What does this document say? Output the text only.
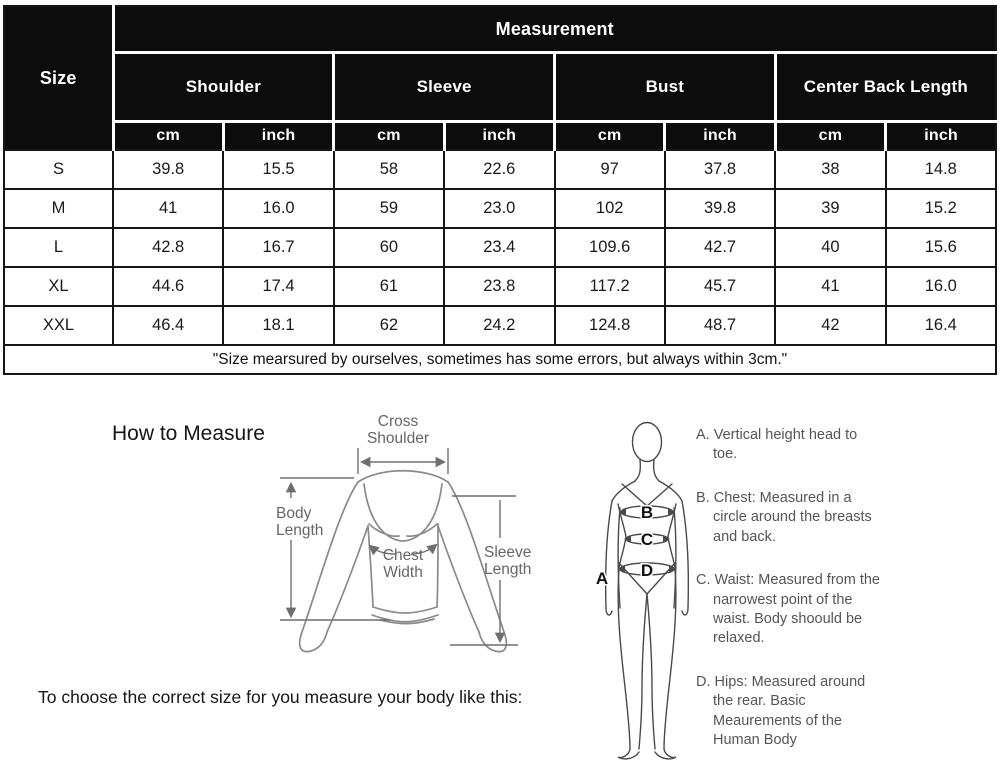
Size	Measurement							
	Shoulder		Sleeve		Bust		Center Back Length	
	cm	inch	cm	inch	cm	inch	cm	inch
S	39.8	15.5	58	22.6	97	37.8	38	14.8
M	41	16.0	59	23.0	102	39.8	39	15.2
L	42.8	16.7	60	23.4	109.6	42.7	40	15.6
XL	44.6	17.4	61	23.8	117.2	45.7	41	16.0
XXL	46.4	18.1	62	24.2	124.8	48.7	42	16.4
"Size mearsured by ourselves, sometimes has some errors, but always within 3cm."								
How to Measure
Cross
Shoulder
Body
Length
Chest
Width
Sleeve
Length	A
B
C
D

A. Vertical height head to toe.

B. Chest: Measured in a circle around the breasts and back.

C. Waist: Measured from the narrowest point of the waist. Body shoould be relaxed.

D. Hips: Measured around the rear. Basic Meaurements of the Human Body

To choose the correct size for you measure your body like this:
